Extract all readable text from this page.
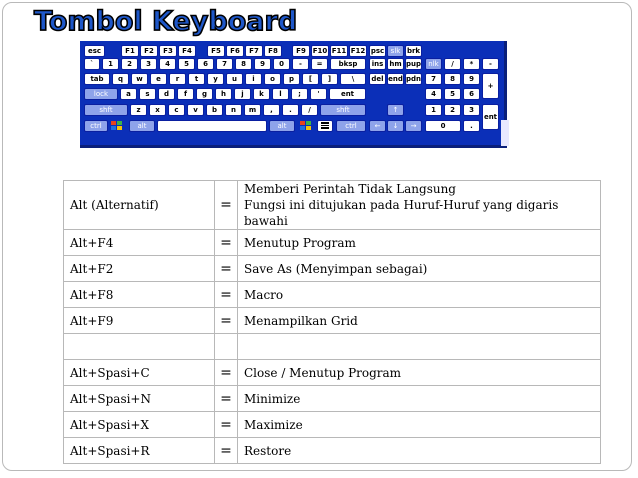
Tombol Keyboard
esc	F1	F2	F3	F4	F5	F6	F7	F8	F9 F10 F11 F12 psc slk brk
`	1	2	3	4	5	6	7	8	9	0	-	=	bksp	ins hm pup	nlk	/	*	-
tab	q	w	e	r	t	y	u	i	o	p	[	]	\	del end pdn	7	8	9
+
lock	a	s	d	f	g	h	j	k	l	;	'	ent	4	5	6
shft	z	x	c	v	b	n	m	,	.	/	shft	↑	1	2	3
ent
ctrl	alt	alt	ctrl	←	↓	→	0	.
Alt (Alternatif)	=	Memberi Perintah Tidak Langsung
Fungsi ini ditujukan pada Huruf-Huruf yang digaris bawahi

Alt+F4	=	Menutup Program
Alt+F2	=	Save As (Menyimpan sebagai)
Alt+F8	=	Macro
Alt+F9	=	Menampilkan Grid

Alt+Spasi+C	=	Close / Menutup Program
Alt+Spasi+N	=	Minimize
Alt+Spasi+X	=	Maximize
Alt+Spasi+R	=	Restore
